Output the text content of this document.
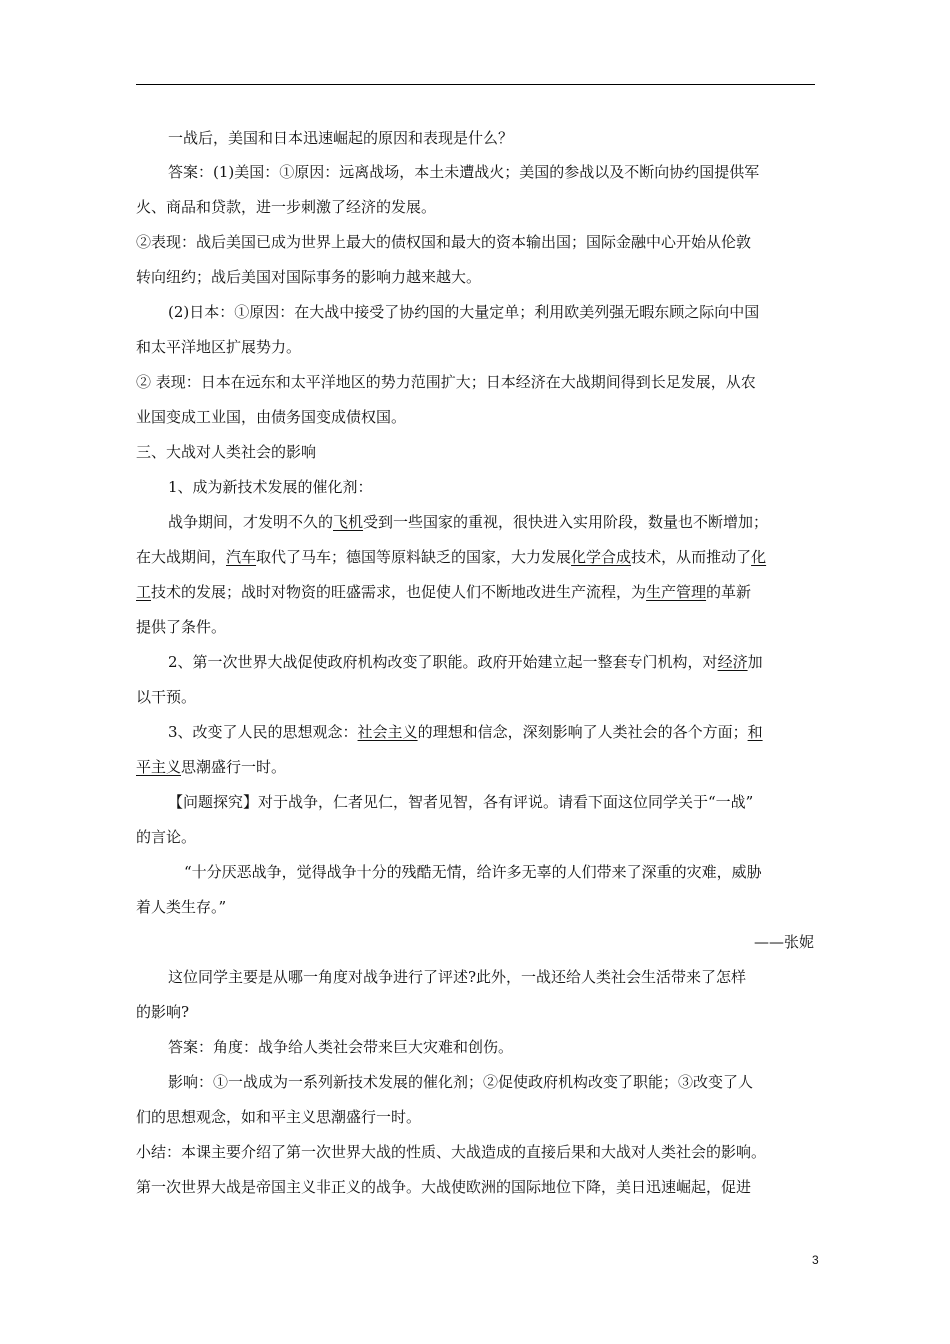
一战后，美国和日本迅速崛起的原因和表现是什么？
答案：(1)美国：①原因：远离战场，本土未遭战火；美国的参战以及不断向协约国提供军
火、商品和贷款，进一步刺激了经济的发展。
②表现：战后美国已成为世界上最大的债权国和最大的资本输出国；国际金融中心开始从伦敦
转向纽约；战后美国对国际事务的影响力越来越大。
(2)日本：①原因：在大战中接受了协约国的大量定单；利用欧美列强无暇东顾之际向中国
和太平洋地区扩展势力。
② 表现：日本在远东和太平洋地区的势力范围扩大；日本经济在大战期间得到长足发展，从农
业国变成工业国，由债务国变成债权国。
三、大战对人类社会的影响
1、成为新技术发展的催化剂：
战争期间，才发明不久的飞机受到一些国家的重视，很快进入实用阶段，数量也不断增加；
在大战期间，汽车取代了马车；德国等原料缺乏的国家，大力发展化学合成技术，从而推动了化
工技术的发展；战时对物资的旺盛需求，也促使人们不断地改进生产流程，为生产管理的革新
提供了条件。
2、第一次世界大战促使政府机构改变了职能。政府开始建立起一整套专门机构，对经济加
以干预。
3、改变了人民的思想观念：社会主义的理想和信念，深刻影响了人类社会的各个方面；和
平主义思潮盛行一时。
【问题探究】对于战争，仁者见仁，智者见智，各有评说。请看下面这位同学关于“一战”
的言论。
“十分厌恶战争，觉得战争十分的残酷无情，给许多无辜的人们带来了深重的灾难，威胁
着人类生存。”
——张妮
这位同学主要是从哪一角度对战争进行了评述?此外，一战还给人类社会生活带来了怎样
的影响?
答案：角度：战争给人类社会带来巨大灾难和创伤。
影响：①一战成为一系列新技术发展的催化剂；②促使政府机构改变了职能；③改变了人
们的思想观念，如和平主义思潮盛行一时。
小结：本课主要介绍了第一次世界大战的性质、大战造成的直接后果和大战对人类社会的影响。
第一次世界大战是帝国主义非正义的战争。大战使欧洲的国际地位下降，美日迅速崛起，促进
3
